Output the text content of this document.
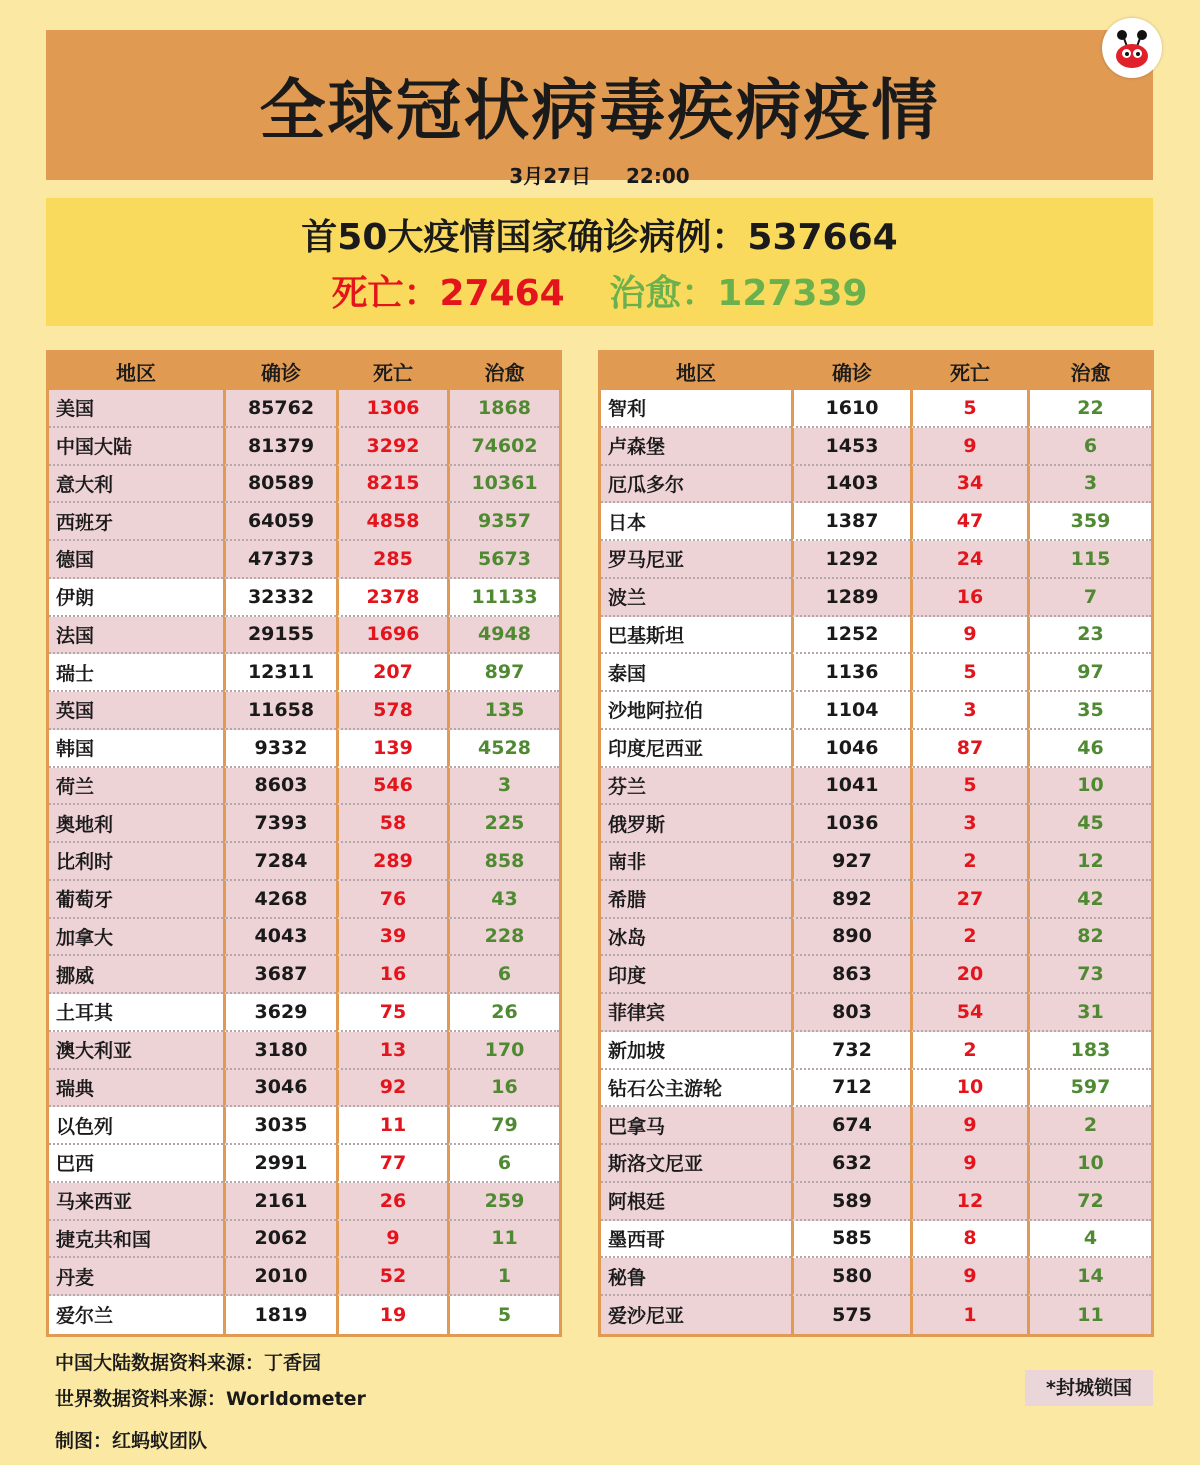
全球冠状病毒疾病疫情
3月27日 22:00
首50大疫情国家确诊病例：537664
死亡：27464 治愈：127339
地区	确诊	死亡	治愈
美国	85762	1306	1868
中国大陆	81379	3292	74602
意大利	80589	8215	10361
西班牙	64059	4858	9357
德国	47373	285	5673
伊朗	32332	2378	11133
法国	29155	1696	4948
瑞士	12311	207	897
英国	11658	578	135
韩国	9332	139	4528
荷兰	8603	546	3
奥地利	7393	58	225
比利时	7284	289	858
葡萄牙	4268	76	43
加拿大	4043	39	228
挪威	3687	16	6
土耳其	3629	75	26
澳大利亚	3180	13	170
瑞典	3046	92	16
以色列	3035	11	79
巴西	2991	77	6
马来西亚	2161	26	259
捷克共和国	2062	9	11
丹麦	2010	52	1
爱尔兰	1819	19	5
地区	确诊	死亡	治愈
智利	1610	5	22
卢森堡	1453	9	6
厄瓜多尔	1403	34	3
日本	1387	47	359
罗马尼亚	1292	24	115
波兰	1289	16	7
巴基斯坦	1252	9	23
泰国	1136	5	97
沙地阿拉伯	1104	3	35
印度尼西亚	1046	87	46
芬兰	1041	5	10
俄罗斯	1036	3	45
南非	927	2	12
希腊	892	27	42
冰岛	890	2	82
印度	863	20	73
菲律宾	803	54	31
新加坡	732	2	183
钻石公主游轮	712	10	597
巴拿马	674	9	2
斯洛文尼亚	632	9	10
阿根廷	589	12	72
墨西哥	585	8	4
秘鲁	580	9	14
爱沙尼亚	575	1	11
中国大陆数据资料来源：丁香园
世界数据资料来源：Worldometer
制图：红蚂蚁团队
*封城锁国
